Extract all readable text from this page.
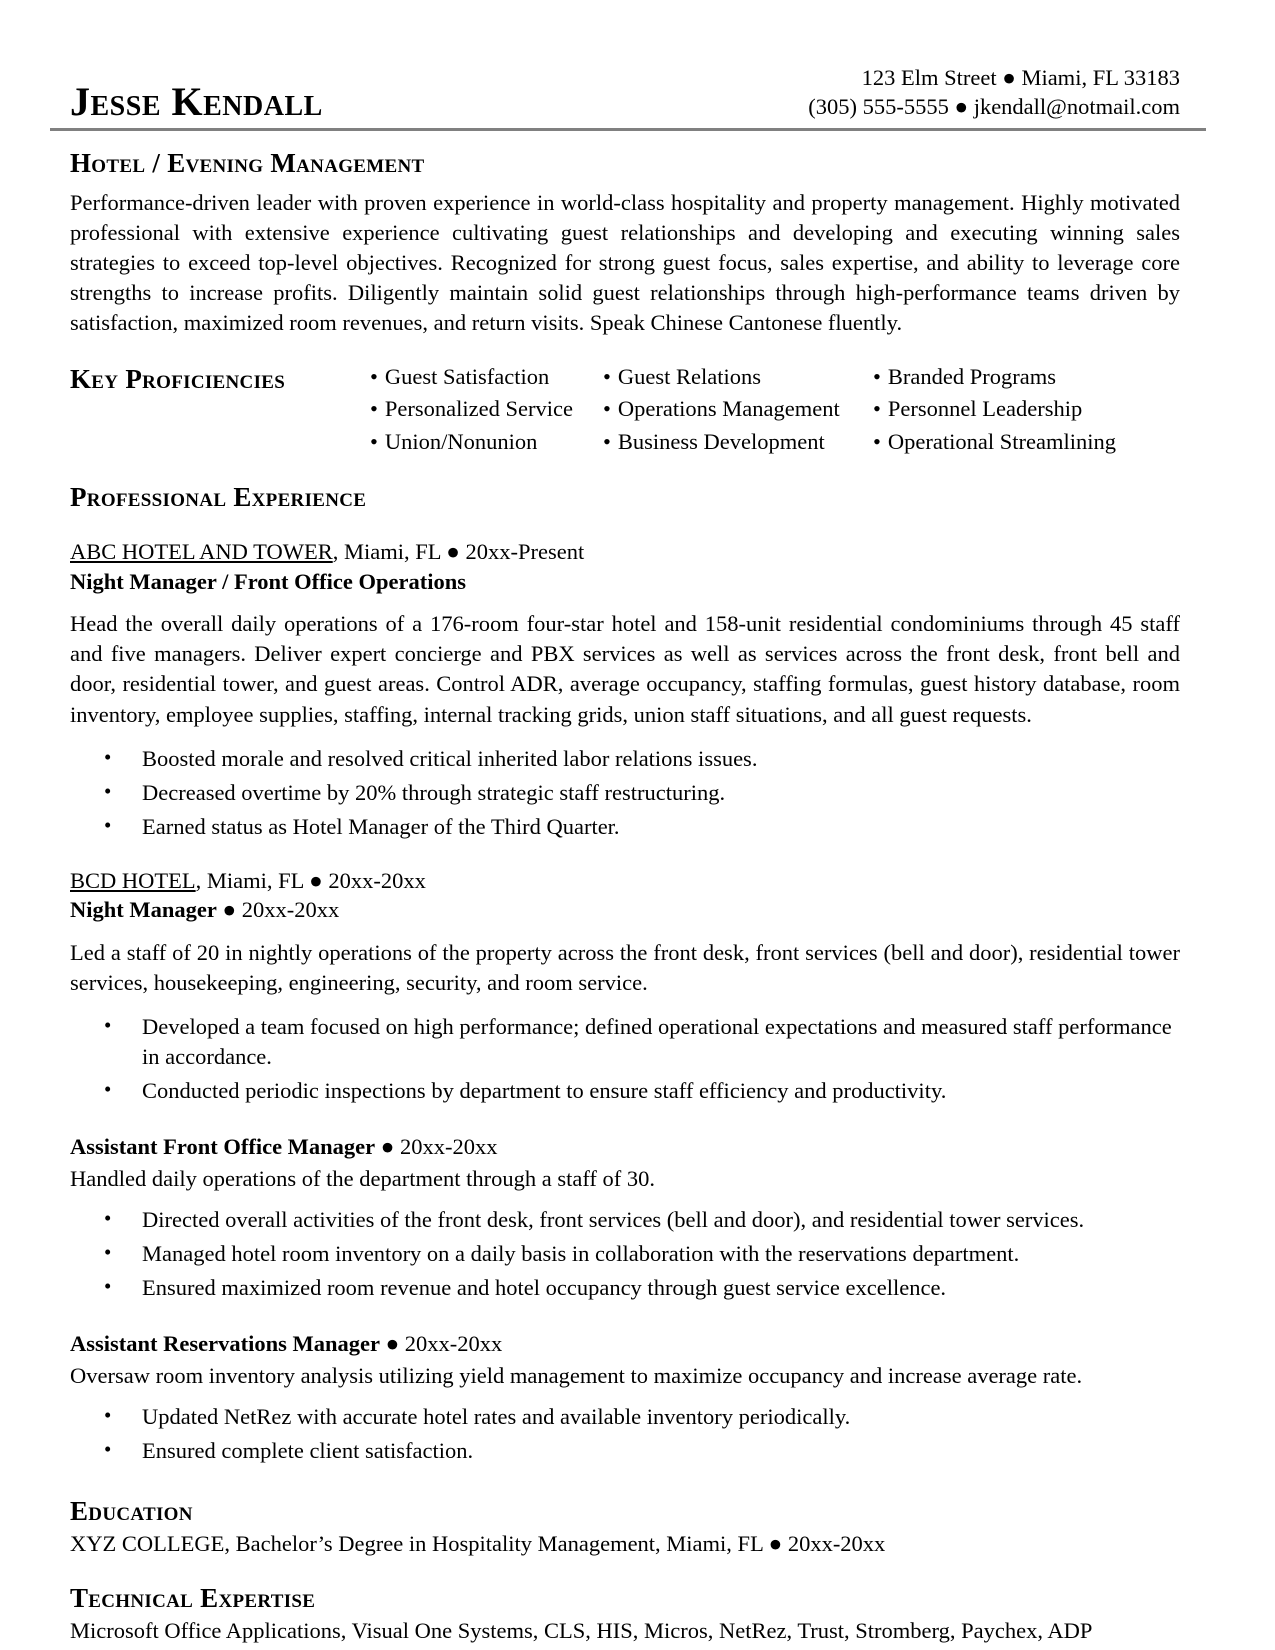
Jesse Kendall
123 Elm Street ● Miami, FL 33183
(305) 555-5555 ● jkendall@notmail.com
Hotel / Evening Management

Performance-driven leader with proven experience in world-class hospitality and property management. Highly motivated professional with extensive experience cultivating guest relationships and developing and executing winning sales strategies to exceed top-level objectives. Recognized for strong guest focus, sales expertise, and ability to leverage core strengths to increase profits. Diligently maintain solid guest relationships through high-performance teams driven by satisfaction, maximized room revenues, and return visits. Speak Chinese Cantonese fluently.

Key Proficiencies	• Guest Satisfaction	• Guest Relations	• Branded Programs
• Personalized Service	• Operations Management	• Personnel Leadership
• Union/Nonunion	• Business Development	• Operational Streamlining
Professional Experience
ABC HOTEL AND TOWER, Miami, FL ● 20xx-Present
Night Manager / Front Office Operations

Head the overall daily operations of a 176-room four-star hotel and 158-unit residential condominiums through 45 staff and five managers. Deliver expert concierge and PBX services as well as services across the front desk, front bell and door, residential tower, and guest areas. Control ADR, average occupancy, staffing formulas, guest history database, room inventory, employee supplies, staffing, internal tracking grids, union staff situations, and all guest requests.

• Boosted morale and resolved critical inherited labor relations issues.
• Decreased overtime by 20% through strategic staff restructuring.
• Earned status as Hotel Manager of the Third Quarter.
BCD HOTEL, Miami, FL ● 20xx-20xx
Night Manager ● 20xx-20xx

Led a staff of 20 in nightly operations of the property across the front desk, front services (bell and door), residential tower services, housekeeping, engineering, security, and room service.

• Developed a team focused on high performance; defined operational expectations and measured staff performance in accordance.
• Conducted periodic inspections by department to ensure staff efficiency and productivity.
Assistant Front Office Manager ● 20xx-20xx

Handled daily operations of the department through a staff of 30.

• Directed overall activities of the front desk, front services (bell and door), and residential tower services.
• Managed hotel room inventory on a daily basis in collaboration with the reservations department.
• Ensured maximized room revenue and hotel occupancy through guest service excellence.
Assistant Reservations Manager ● 20xx-20xx

Oversaw room inventory analysis utilizing yield management to maximize occupancy and increase average rate.

• Updated NetRez with accurate hotel rates and available inventory periodically.
• Ensured complete client satisfaction.
Education

XYZ COLLEGE, Bachelor’s Degree in Hospitality Management, Miami, FL ● 20xx-20xx

Technical Expertise

Microsoft Office Applications, Visual One Systems, CLS, HIS, Micros, NetRez, Trust, Stromberg, Paychex, ADP
